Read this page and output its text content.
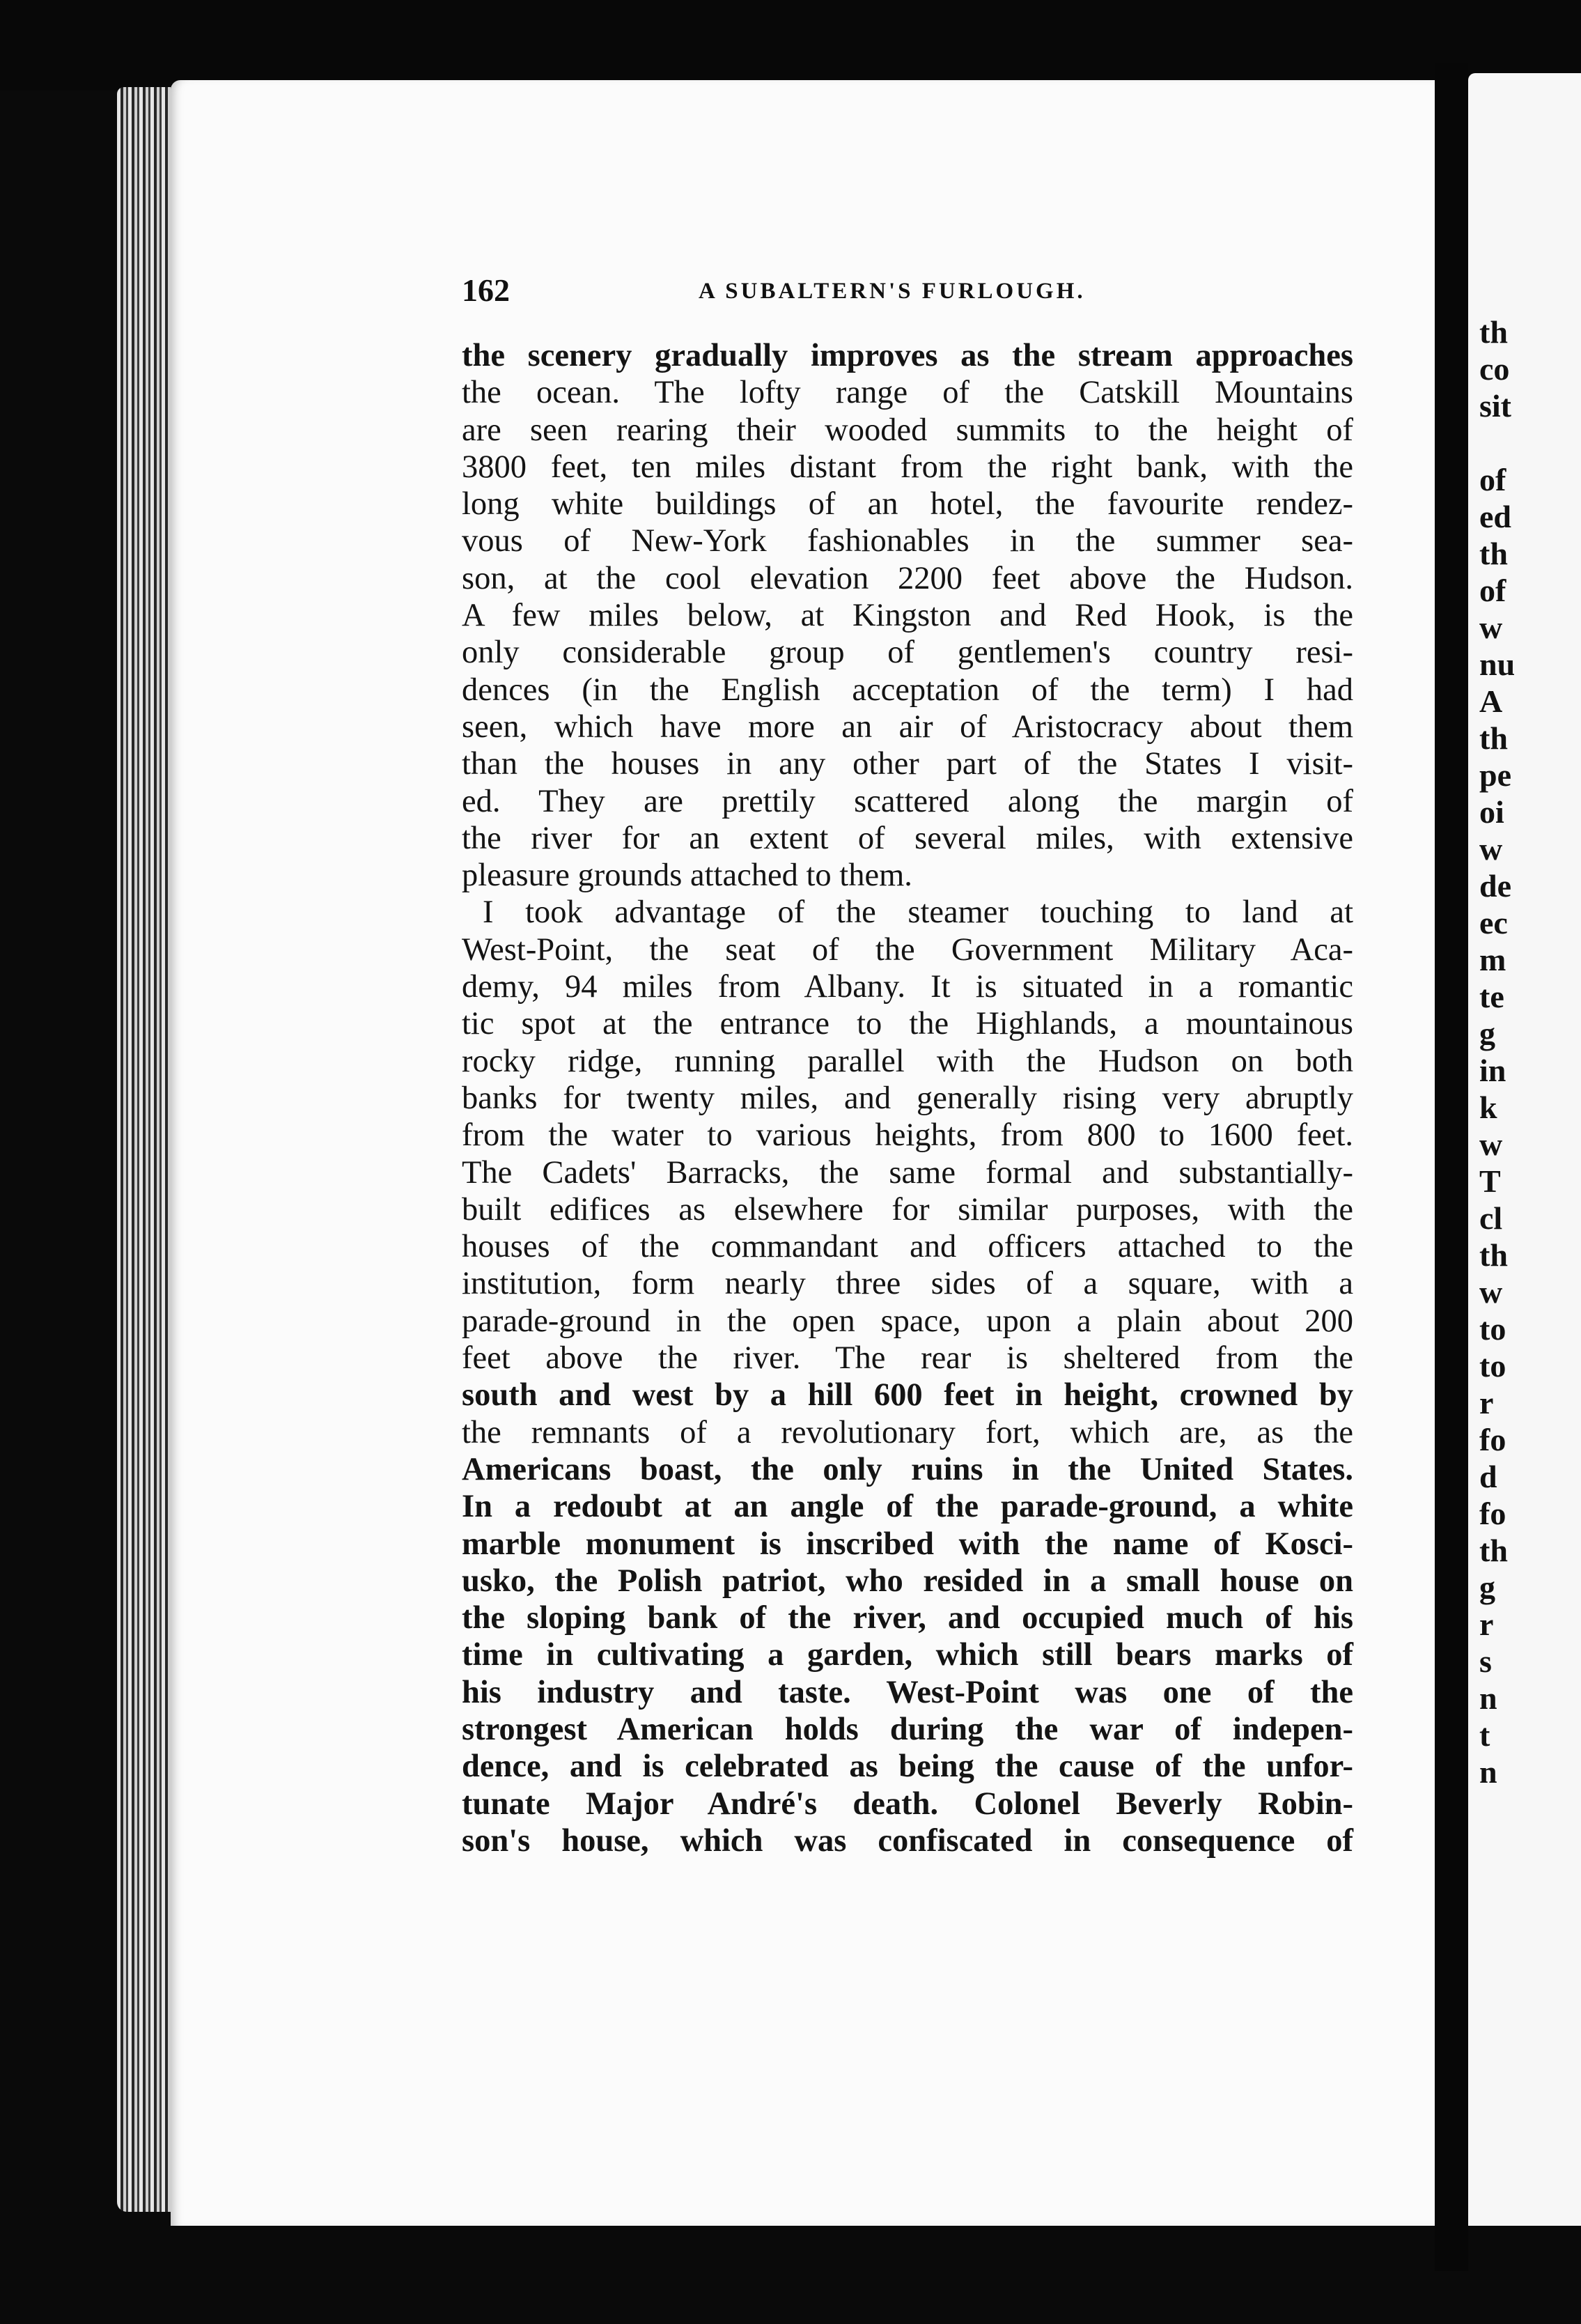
th
co
sit

of
ed
th
of
w
nu
A
th
pe
oi
w
de
ec
m
te
g
in
k
w
T
cl
th
w
to
to
r
fo
d
fo
th
g
r
s
n
t
n
162	A SUBALTERN'S FURLOUGH.
the scenery gradually improves as the stream approaches
the ocean. The lofty range of the Catskill Mountains
are seen rearing their wooded summits to the height of
3800 feet, ten miles distant from the right bank, with the
long white buildings of an hotel, the favourite rendez-
vous of New-York fashionables in the summer sea-
son, at the cool elevation 2200 feet above the Hudson.
A few miles below, at Kingston and Red Hook, is the
only considerable group of gentlemen's country resi-
dences (in the English acceptation of the term) I had
seen, which have more an air of Aristocracy about them
than the houses in any other part of the States I visit-
ed. They are prettily scattered along the margin of
the river for an extent of several miles, with extensive
pleasure grounds attached to them.
I took advantage of the steamer touching to land at
West-Point, the seat of the Government Military Aca-
demy, 94 miles from Albany. It is situated in a romantic
tic spot at the entrance to the Highlands, a mountainous
rocky ridge, running parallel with the Hudson on both
banks for twenty miles, and generally rising very abruptly
from the water to various heights, from 800 to 1600 feet.
The Cadets' Barracks, the same formal and substantially-
built edifices as elsewhere for similar purposes, with the
houses of the commandant and officers attached to the
institution, form nearly three sides of a square, with a
parade-ground in the open space, upon a plain about 200
feet above the river. The rear is sheltered from the
south and west by a hill 600 feet in height, crowned by
the remnants of a revolutionary fort, which are, as the
Americans boast, the only ruins in the United States.
In a redoubt at an angle of the parade-ground, a white
marble monument is inscribed with the name of Kosci-
usko, the Polish patriot, who resided in a small house on
the sloping bank of the river, and occupied much of his
time in cultivating a garden, which still bears marks of
his industry and taste. West-Point was one of the
strongest American holds during the war of indepen-
dence, and is celebrated as being the cause of the unfor-
tunate Major André's death. Colonel Beverly Robin-
son's house, which was confiscated in consequence of
